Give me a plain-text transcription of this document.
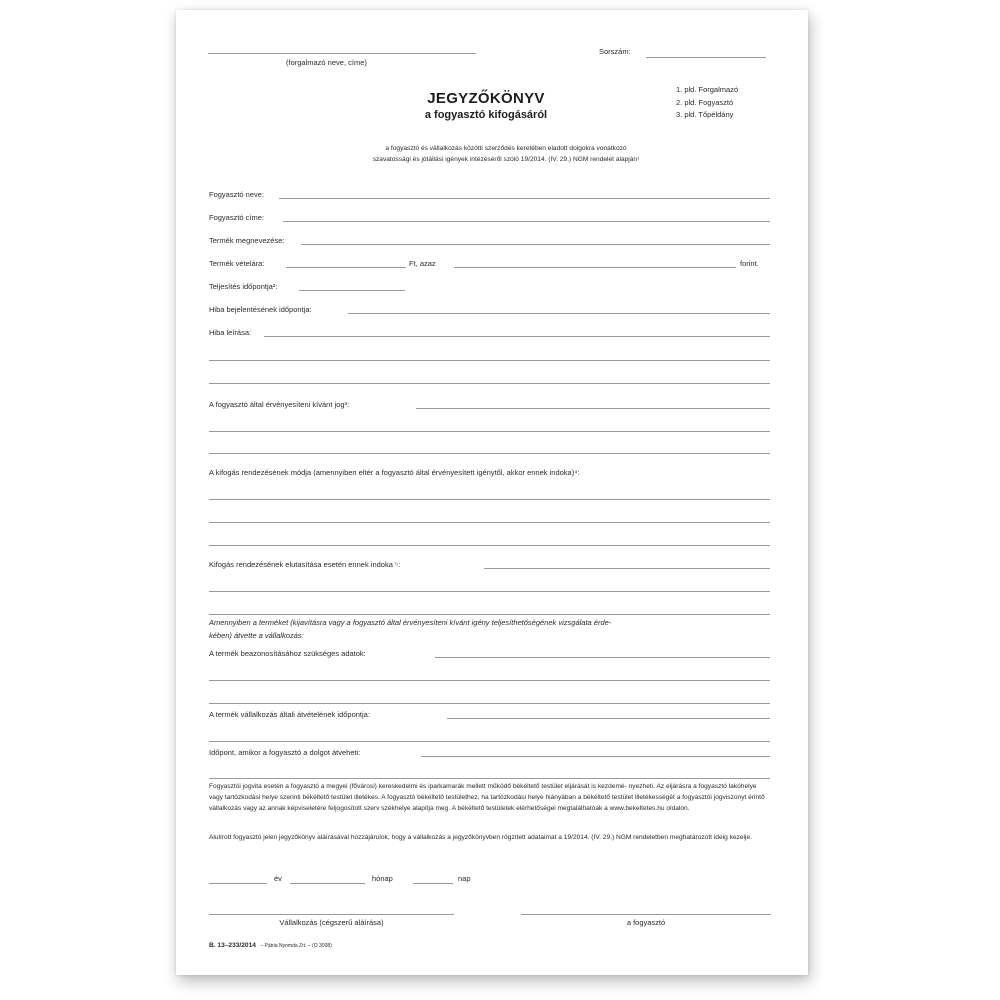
(forgalmazó neve, címe)
Sorszám:
JEGYZŐKÖNYV
a fogyasztó kifogásáról
1. pld. Forgalmazó
2. pld. Fogyasztó
3. pld. Tőpéldány
a fogyasztó és vállalkozás közötti szerződés keretében eladott dolgokra vonatkozó
szavatossági és jótállási igények intézéséről szóló 19/2014. (IV. 29.) NGM rendelet alapján¹
Fogyasztó neve:
Fogyasztó címe:
Termék megnevezése:
Termék vételára:	Ft, azaz	forint.
Teljesítés időpontja²:
Hiba bejelentésének időpontja:
Hiba leírása:
A fogyasztó által érvényesíteni kívánt jog³:
A kifogás rendezésének módja (amennyiben eltér a fogyasztó által érvényesített igénytől, akkor ennek indoka)⁴:
Kifogás rendezésének elutasítása esetén ennek indoka ⁵:
Amennyiben a terméket (kijavításra vagy a fogyasztó által érvényesíteni kívánt igény teljesíthetőségének vizsgálata érde-
kében) átvette a vállalkozás:
A termék beazonosításához szükséges adatok:
A termék vállalkozás általi átvételének időpontja:
Időpont, amikor a fogyasztó a dolgot átveheti:
Fogyasztói jogvita esetén a fogyasztó a megyei (fővárosi) kereskedelmi és iparkamarák mellett működő békéltető testület eljárását is kezdemé- nyezheti. Az eljárásra a fogyasztó lakóhelye vagy tartózkodási helye szerinti békéltető testület illetékes. A fogyasztó békéltető testülethez, ha tartózkodási helye hiányában a békéltető testület illetékességét a fogyasztói jogviszonyt érintő vállalkozás vagy az annak képviseletére feljogosított szerv székhelye alapítja meg. A békéltető testületek elérhetőségei megtalálhatóak a www.bekeltetes.hu oldalon.
Alulírott fogyasztó jelen jegyzőkönyv aláírásával hozzájárulok, hogy a vállalkozás a jegyzőkönyvben rögzített adataimat a 19/2014. (IV. 29.) NGM rendeletben meghatározott ideig kezelje.
év	hónap	nap
Vállalkozás (cégszerű aláírása)	a fogyasztó
B. 13–233/2014 – Pátria Nyomda Zrt. – (O 3008)
